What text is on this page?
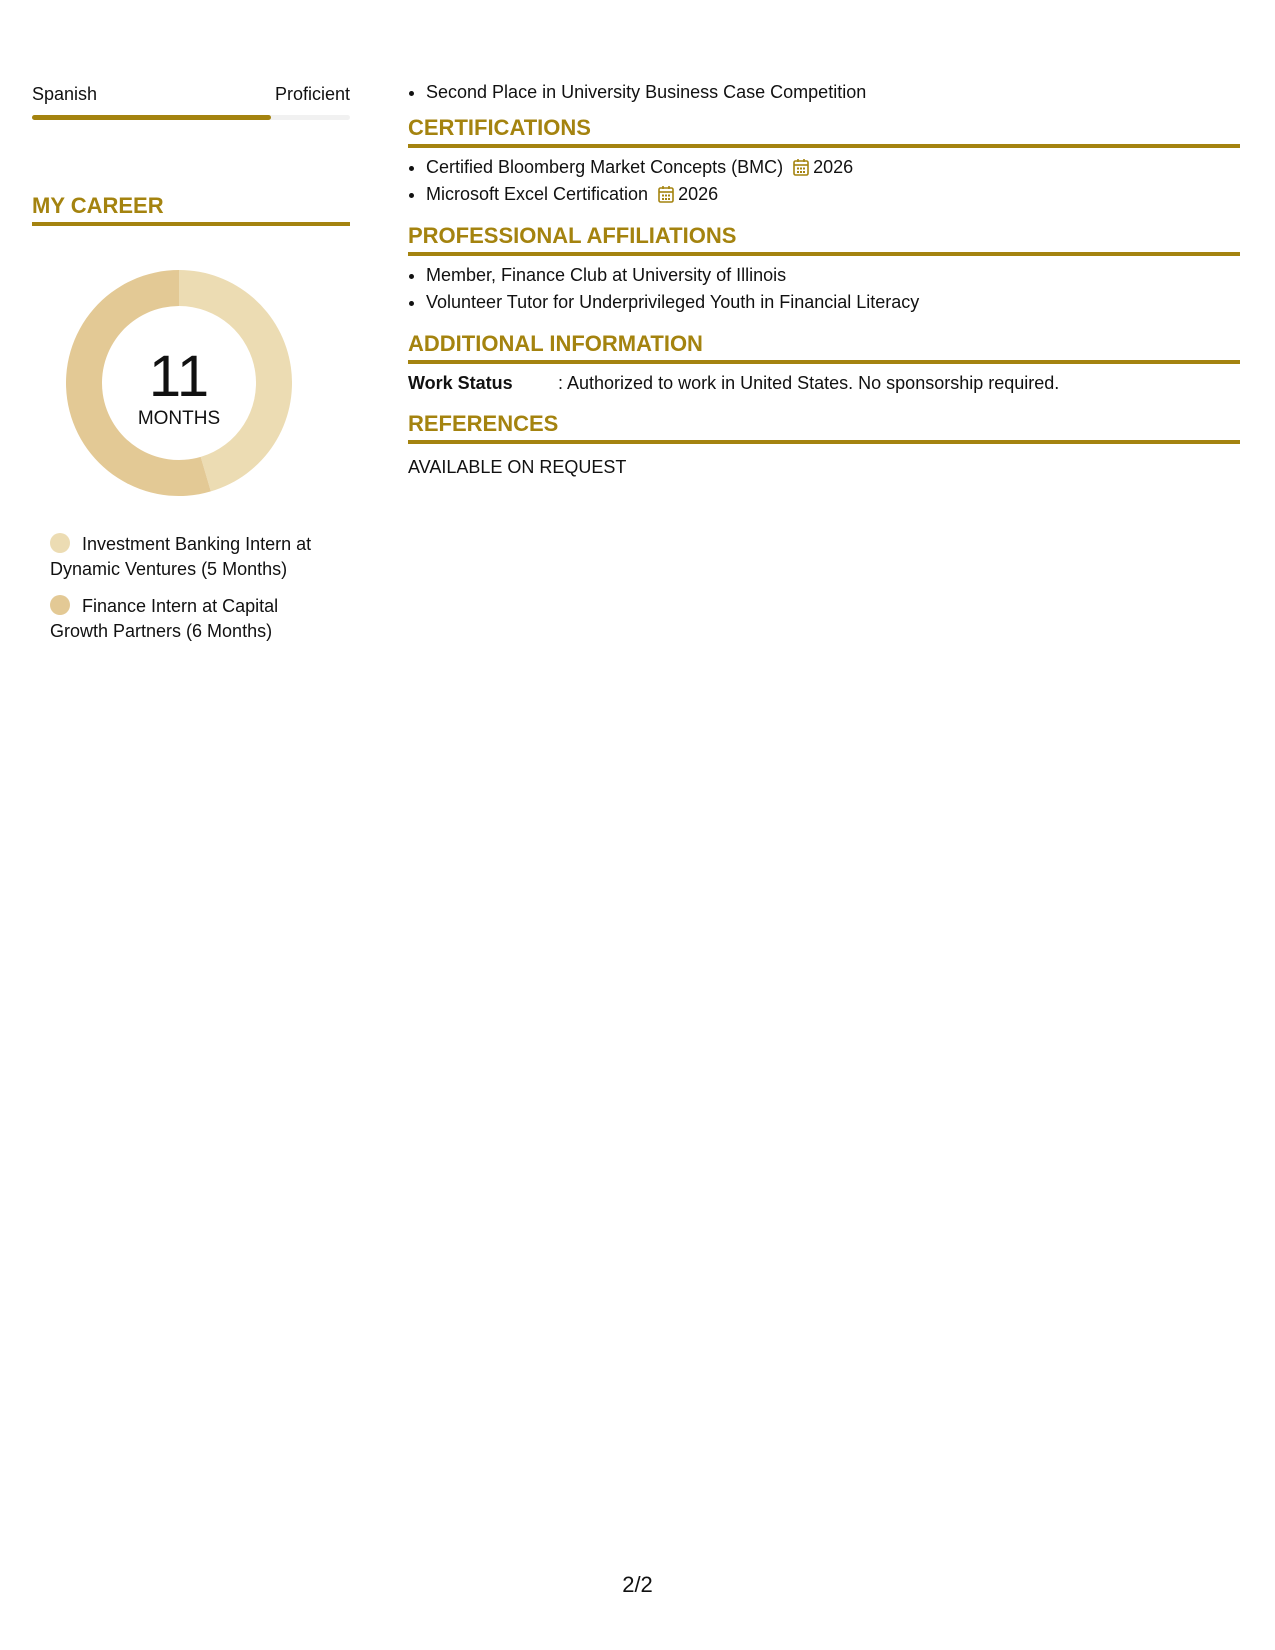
Spanish	Proficient
MY CAREER
11
MONTHS
Investment Banking Intern at Dynamic Ventures (5 Months)
Finance Intern at Capital Growth Partners (6 Months)
• Second Place in University Business Case Competition
CERTIFICATIONS
• Certified Bloomberg Market Concepts (BMC) 2026
• Microsoft Excel Certification 2026
PROFESSIONAL AFFILIATIONS
• Member, Finance Club at University of Illinois
• Volunteer Tutor for Underprivileged Youth in Financial Literacy
ADDITIONAL INFORMATION
Work Status	: Authorized to work in United States. No sponsorship required.
REFERENCES
AVAILABLE ON REQUEST
2/2
